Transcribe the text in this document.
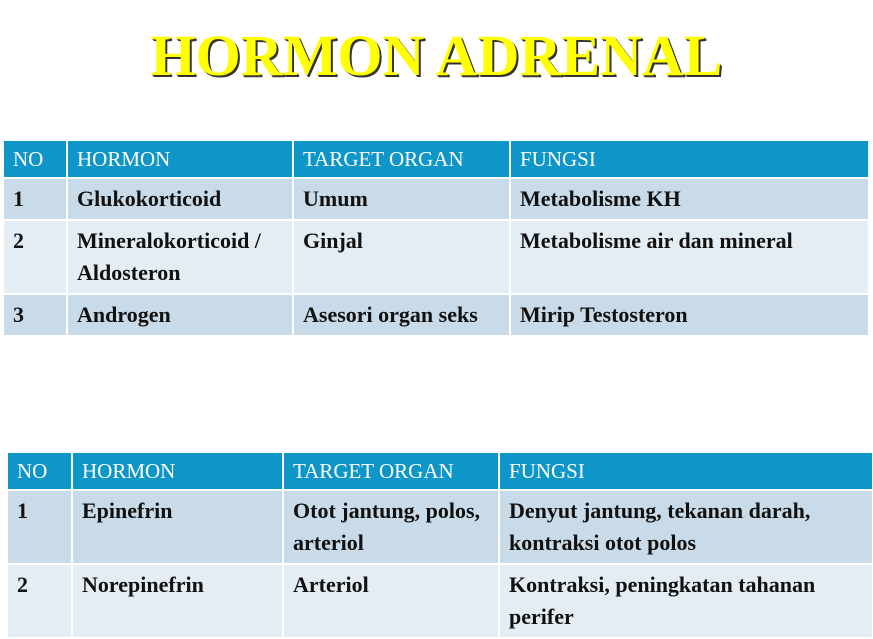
HORMON ADRENAL
NO	HORMON	TARGET ORGAN	FUNGSI
1	Glukokorticoid	Umum	Metabolisme KH
2	Mineralokorticoid / Aldosteron	Ginjal	Metabolisme air dan mineral
3	Androgen	Asesori organ seks	Mirip Testosteron
NO	HORMON	TARGET ORGAN	FUNGSI
1	Epinefrin	Otot jantung, polos, arteriol	Denyut jantung, tekanan darah, kontraksi otot polos
2	Norepinefrin	Arteriol	Kontraksi, peningkatan tahanan perifer
